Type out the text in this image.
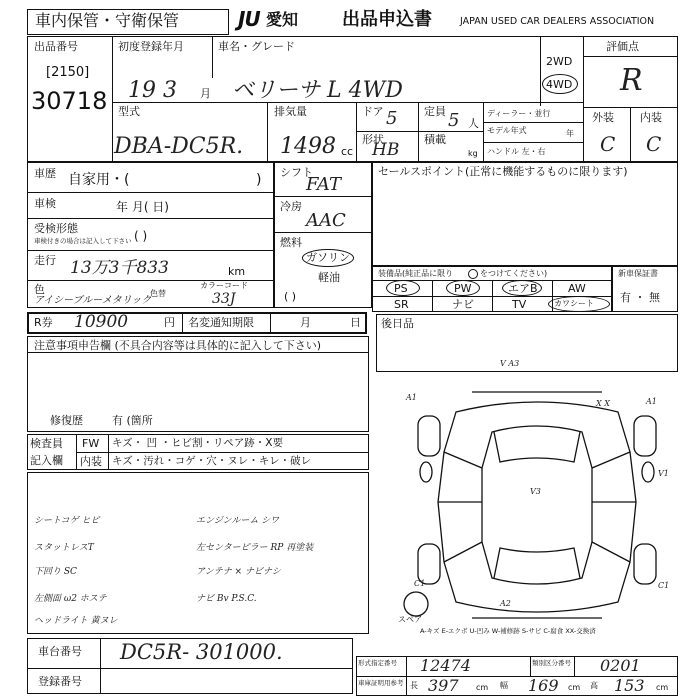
車内保管・守衛保管	JU 愛知 出品申込書	JAPAN USED CAR DEALERS ASSOCIATION
出品番号
[2150]
30718
初度登録年月
19 3 月
車名・グレード
ベリーサ L 4WD
2WD
4WD
型式
DBA-DC5R.
排気量
1498 cc
ドア 5 定員 5 人
形状
HB
積載
kg
ディーラー・並行
モデル年式	年
ハンドル 左・右
評価点
R
外装 内装
C C
車歴 自家用・(	)
車検	年 月( 日)
受検形態
車検付きの場合は記入して下さい ( )
走行 13万3千833	km
色
アイシーブルーメタリック
色替
カラーコード
33J
シフト
FAT
冷房
AAC
燃料
ガソリン
軽油
( )
セールスポイント(正常に機能するものに限ります)
装備品(純正品に限り	をつけてください)
PS	PW	エアB	AW
SR	ナビ	TV	カワシート
新車保証書
有 ・ 無
R券 10900	円 名変通知期限	月	日 後日品
注意事項申告欄 (不具合内容等は具体的に記入して下さい)
修復歴	有 (箇所
検査員
記入欄
FW キズ・ 凹 ・ヒビ割・リペア跡・X要
内装 キズ・汚れ・コゲ・穴・ヌレ・キレ・破レ
シートコゲ ヒビ	エンジンルーム シワ
スタットレスT	左センターピラー RP 再塗装
下回り SC	アンテナ × ナビナシ
左側面 ω2 ホステ	ナビ Bv P.S.C.
ヘッドライト 黄ヌレ
A1
V A3
X X	A1
V1
C1	C1
A2
V3
スペア
A-キズ E-エクボ U-凹み W-補修跡 S-サビ C-腐食 XX-交換済
車台番号 DC5R- 301000.
登録番号
形式指定番号 12474	類別区分番号 0201
車庫証明用参考 長 397 cm 幅 169 cm 高 153 cm
